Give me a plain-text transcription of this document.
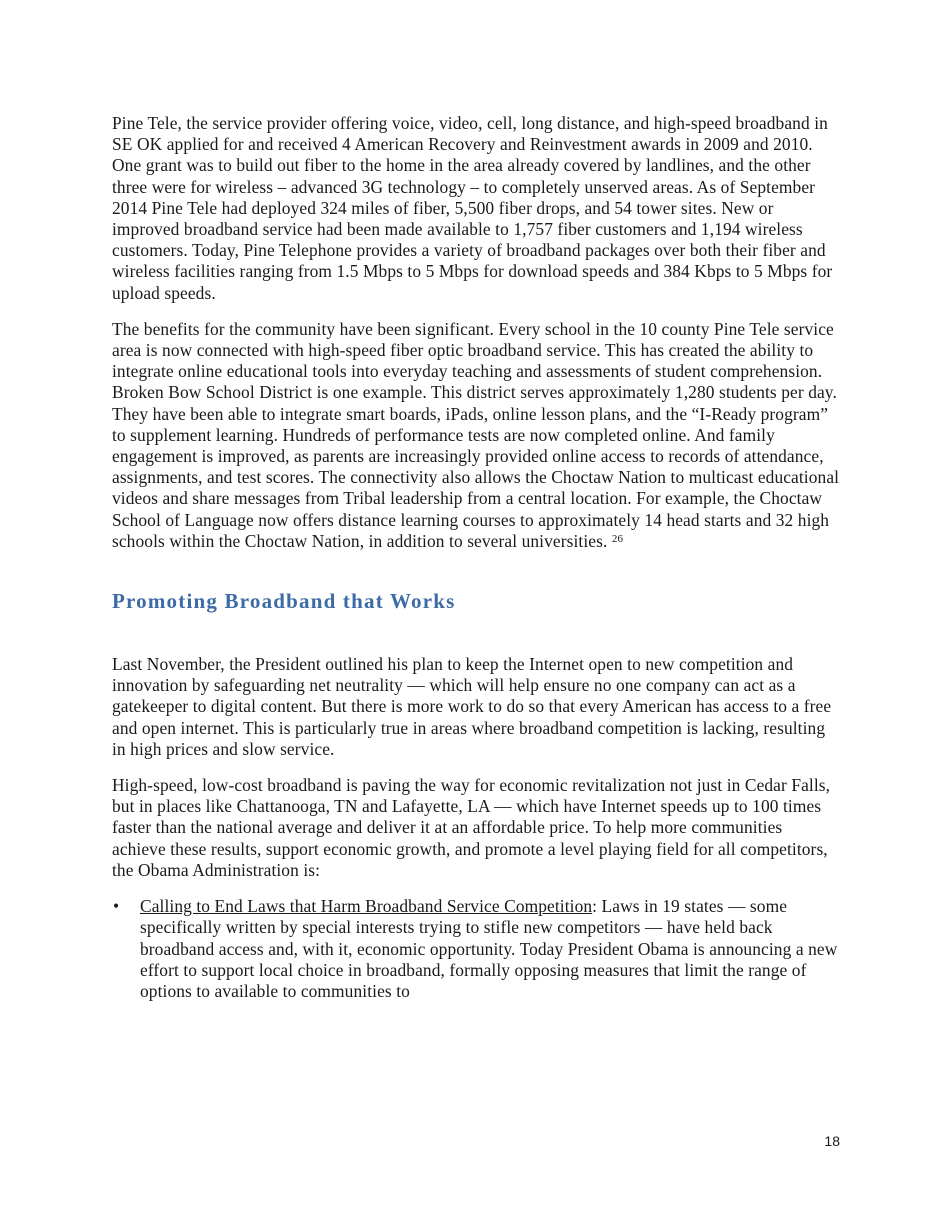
Pine Tele, the service provider offering voice, video, cell, long distance, and high-speed broadband in SE OK applied for and received 4 American Recovery and Reinvestment awards in 2009 and 2010. One grant was to build out fiber to the home in the area already covered by landlines, and the other three were for wireless – advanced 3G technology – to completely unserved areas. As of September 2014 Pine Tele had deployed 324 miles of fiber, 5,500 fiber drops, and 54 tower sites. New or improved broadband service had been made available to 1,757 fiber customers and 1,194 wireless customers. Today, Pine Telephone provides a variety of broadband packages over both their fiber and wireless facilities ranging from 1.5 Mbps to 5 Mbps for download speeds and 384 Kbps to 5 Mbps for upload speeds.

The benefits for the community have been significant. Every school in the 10 county Pine Tele service area is now connected with high-speed fiber optic broadband service. This has created the ability to integrate online educational tools into everyday teaching and assessments of student comprehension. Broken Bow School District is one example. This district serves approximately 1,280 students per day. They have been able to integrate smart boards, iPads, online lesson plans, and the “I-Ready program” to supplement learning. Hundreds of performance tests are now completed online. And family engagement is improved, as parents are increasingly provided online access to records of attendance, assignments, and test scores. The connectivity also allows the Choctaw Nation to multicast educational videos and share messages from Tribal leadership from a central location. For example, the Choctaw School of Language now offers distance learning courses to approximately 14 head starts and 32 high schools within the Choctaw Nation, in addition to several universities. $^{26}$

Promoting Broadband that Works

Last November, the President outlined his plan to keep the Internet open to new competition and innovation by safeguarding net neutrality — which will help ensure no one company can act as a gatekeeper to digital content. But there is more work to do so that every American has access to a free and open internet. This is particularly true in areas where broadband competition is lacking, resulting in high prices and slow service.

High-speed, low-cost broadband is paving the way for economic revitalization not just in Cedar Falls, but in places like Chattanooga, TN and Lafayette, LA — which have Internet speeds up to 100 times faster than the national average and deliver it at an affordable price. To help more communities achieve these results, support economic growth, and promote a level playing field for all competitors, the Obama Administration is:

• Calling to End Laws that Harm Broadband Service Competition: Laws in 19 states — some specifically written by special interests trying to stifle new competitors — have held back broadband access and, with it, economic opportunity. Today President Obama is announcing a new effort to support local choice in broadband, formally opposing measures that limit the range of options to available to communities to
18
